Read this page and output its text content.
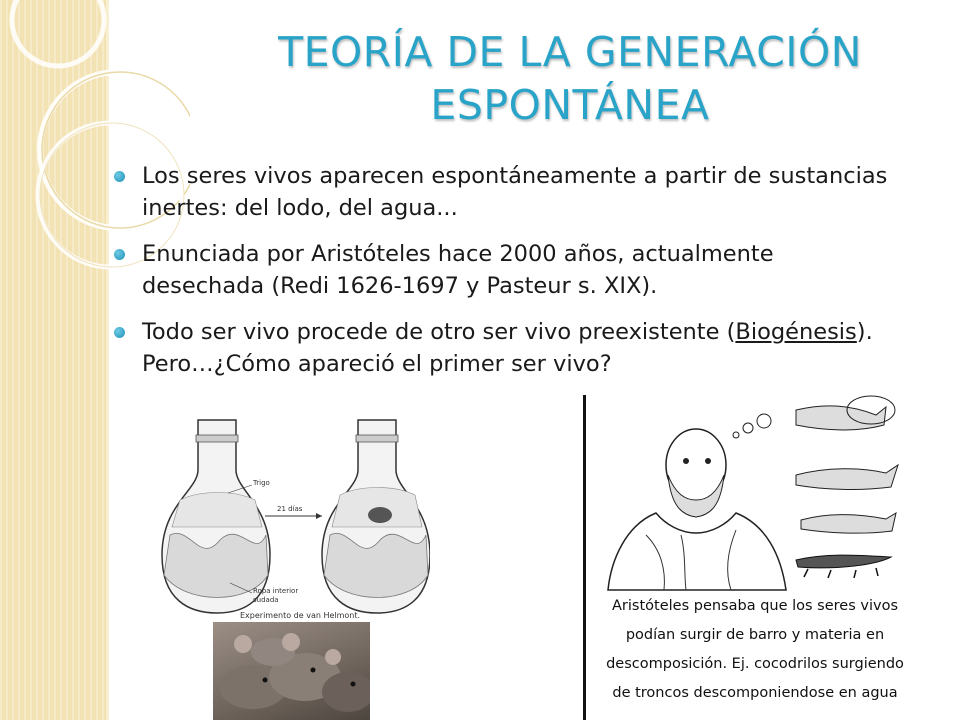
TEORÍA DE LA GENERACIÓN
ESPONTÁNEA
Los seres vivos aparecen espontáneamente a partir de sustancias inertes: del lodo, del agua...
Enunciada por Aristóteles hace 2000 años, actualmente desechada (Redi 1626-1697 y Pasteur s. XIX).
Todo ser vivo procede de otro ser vivo preexistente (Biogénesis). Pero…¿Cómo apareció el primer ser vivo?
Trigo
21 días
Ropa interior
sudada
Experimento de van Helmont.
Aristóteles pensaba que los seres vivos
podían surgir de barro y materia en
descomposición. Ej. cocodrilos surgiendo
de troncos descomponiendose en agua
